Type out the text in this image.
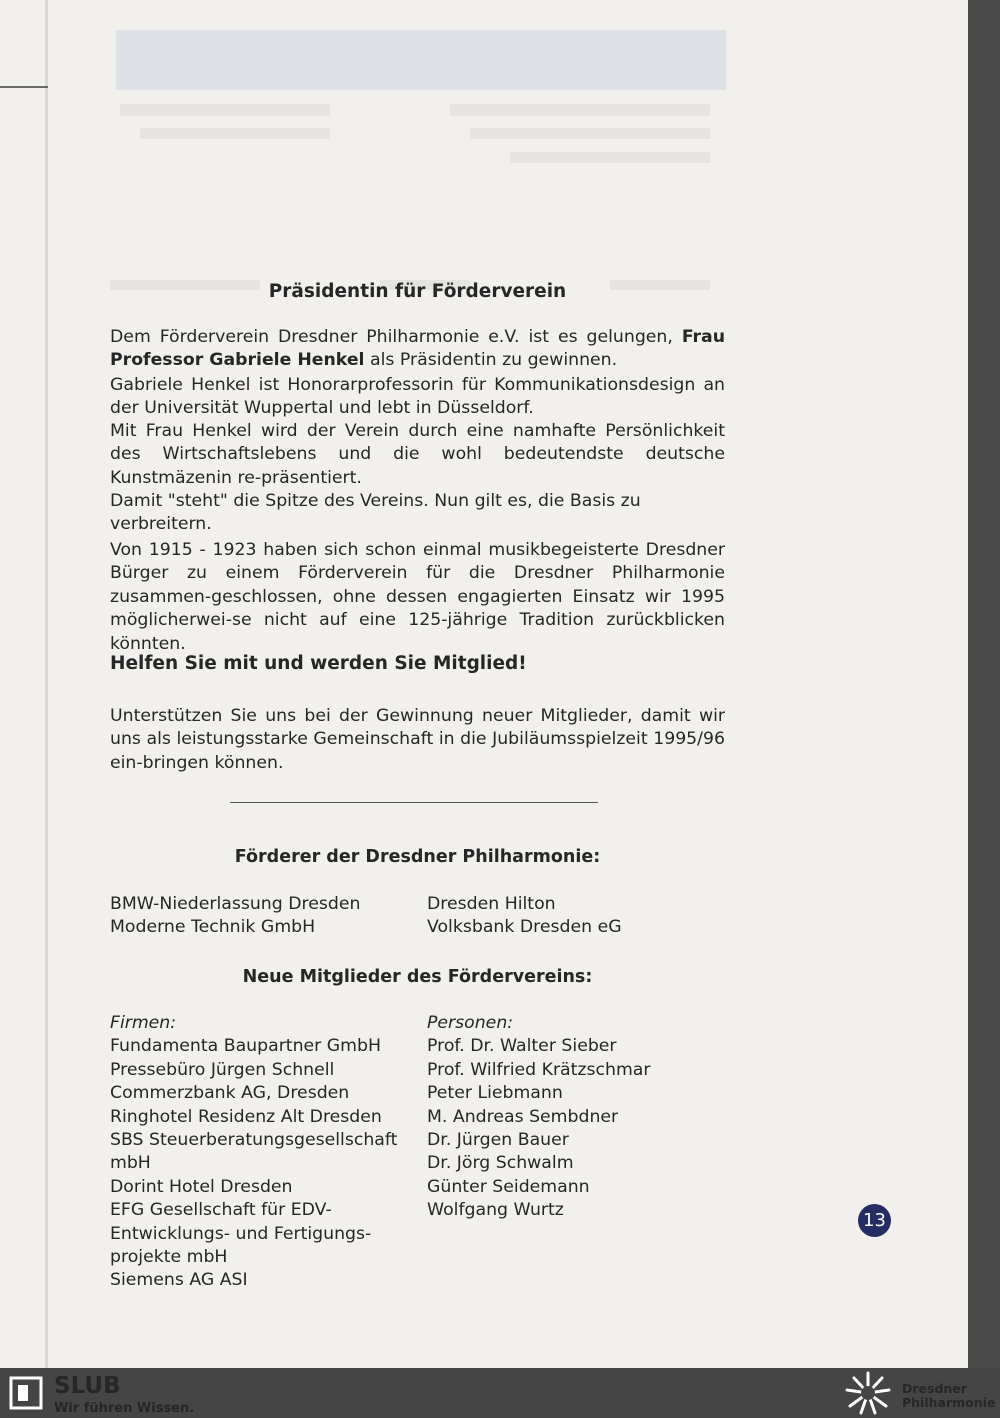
Präsidentin für Förderverein
Dem Förderverein Dresdner Philharmonie e.V. ist es gelungen, Frau Professor Gabriele Henkel als Präsidentin zu gewinnen.
Gabriele Henkel ist Honorarprofessorin für Kommunikationsdesign an der Universität Wuppertal und lebt in Düsseldorf.
Mit Frau Henkel wird der Verein durch eine namhafte Persönlichkeit des Wirtschaftslebens und die wohl bedeutendste deutsche Kunstmäzenin re-präsentiert.
Damit "steht" die Spitze des Vereins. Nun gilt es, die Basis zu verbreitern.
Von 1915 - 1923 haben sich schon einmal musikbegeisterte Dresdner Bürger zu einem Förderverein für die Dresdner Philharmonie zusammen-geschlossen, ohne dessen engagierten Einsatz wir 1995 möglicherwei-se nicht auf eine 125-jährige Tradition zurückblicken könnten.
Helfen Sie mit und werden Sie Mitglied!
Unterstützen Sie uns bei der Gewinnung neuer Mitglieder, damit wir uns als leistungsstarke Gemeinschaft in die Jubiläumsspielzeit 1995/96 ein-bringen können.
Förderer der Dresdner Philharmonie:
BMW-Niederlassung Dresden
Moderne Technik GmbH
Dresden Hilton
Volksbank Dresden eG
Neue Mitglieder des Fördervereins:
Firmen:
Fundamenta Baupartner GmbH
Pressebüro Jürgen Schnell
Commerzbank AG, Dresden
Ringhotel Residenz Alt Dresden
SBS Steuerberatungsgesellschaft mbH
Dorint Hotel Dresden
EFG Gesellschaft für EDV-
Entwicklungs- und Fertigungs-
projekte mbH
Siemens AG ASI
Personen:
Prof. Dr. Walter Sieber
Prof. Wilfried Krätzschmar
Peter Liebmann
M. Andreas Sembdner
Dr. Jürgen Bauer
Dr. Jörg Schwalm
Günter Seidemann
Wolfgang Wurtz	13
SLUB
Wir führen Wissen.
Dresdner
Philharmonie
